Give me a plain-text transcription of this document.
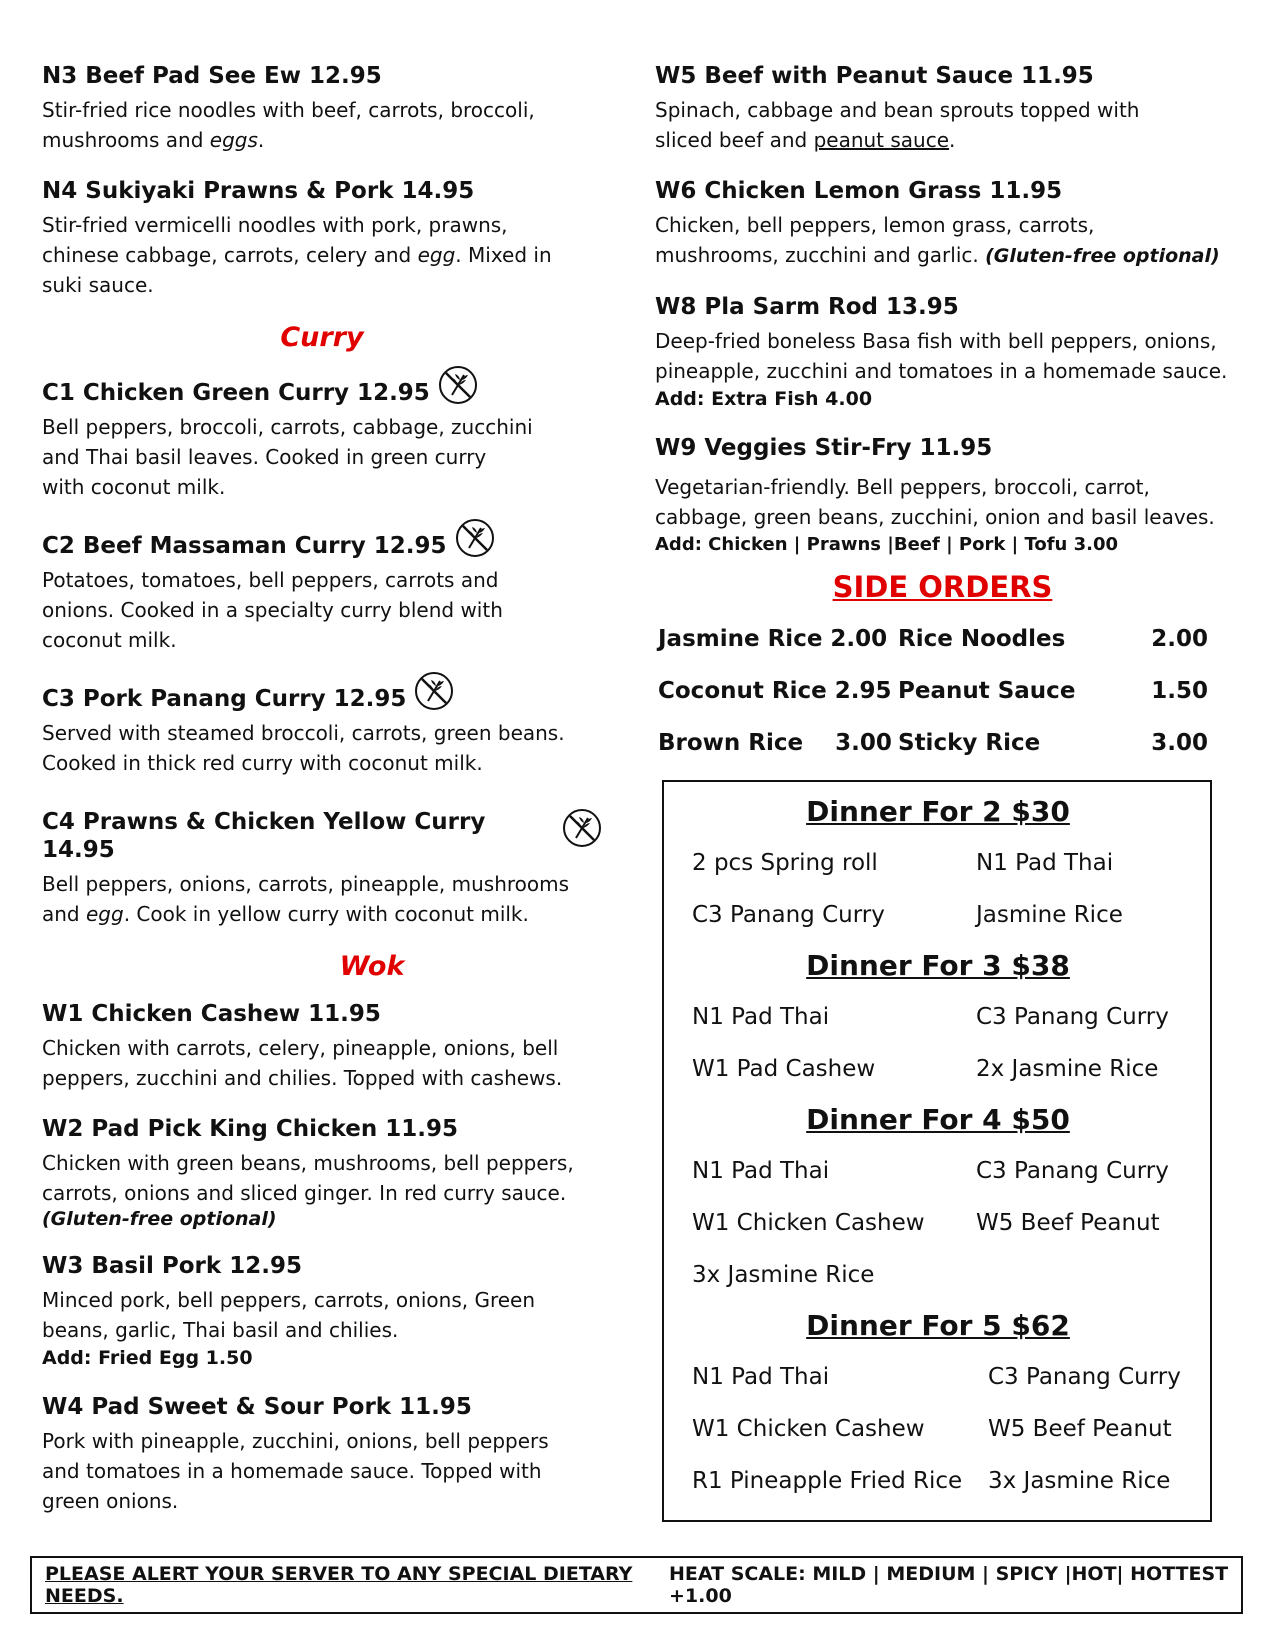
N3 Beef Pad See Ew 12.95
Stir-fried rice noodles with beef, carrots, broccoli,
mushrooms and eggs.
N4 Sukiyaki Prawns & Pork 14.95
Stir-fried vermicelli noodles with pork, prawns,
chinese cabbage, carrots, celery and egg. Mixed in
suki sauce.
Curry
C1 Chicken Green Curry 12.95
Bell peppers, broccoli, carrots, cabbage, zucchini
and Thai basil leaves. Cooked in green curry
with coconut milk.
C2 Beef Massaman Curry 12.95
Potatoes, tomatoes, bell peppers, carrots and
onions. Cooked in a specialty curry blend with
coconut milk.
C3 Pork Panang Curry 12.95
Served with steamed broccoli, carrots, green beans.
Cooked in thick red curry with coconut milk.
C4 Prawns & Chicken Yellow Curry 14.95
Bell peppers, onions, carrots, pineapple, mushrooms
and egg. Cook in yellow curry with coconut milk.
Wok
W1 Chicken Cashew 11.95
Chicken with carrots, celery, pineapple, onions, bell
peppers, zucchini and chilies. Topped with cashews.
W2 Pad Pick King Chicken 11.95
Chicken with green beans, mushrooms, bell peppers,
carrots, onions and sliced ginger. In red curry sauce.
(Gluten-free optional)
W3 Basil Pork 12.95
Minced pork, bell peppers, carrots, onions, Green
beans, garlic, Thai basil and chilies.
Add: Fried Egg 1.50
W4 Pad Sweet & Sour Pork 11.95
Pork with pineapple, zucchini, onions, bell peppers
and tomatoes in a homemade sauce. Topped with
green onions.
W5 Beef with Peanut Sauce 11.95
Spinach, cabbage and bean sprouts topped with
sliced beef and peanut sauce.
W6 Chicken Lemon Grass 11.95
Chicken, bell peppers, lemon grass, carrots,
mushrooms, zucchini and garlic. (Gluten-free optional)
W8 Pla Sarm Rod 13.95
Deep-fried boneless Basa fish with bell peppers, onions,
pineapple, zucchini and tomatoes in a homemade sauce.
Add: Extra Fish 4.00
W9 Veggies Stir-Fry 11.95
Vegetarian-friendly. Bell peppers, broccoli, carrot,
cabbage, green beans, zucchini, onion and basil leaves.
Add: Chicken | Prawns |Beef | Pork | Tofu 3.00
SIDE ORDERS
Jasmine Rice 2.00 Rice Noodles	2.00
Coconut Rice 2.95 Peanut Sauce	1.50
Brown Rice    3.00 Sticky Rice	3.00
Dinner For 2 $30
2 pcs Spring roll	N1 Pad Thai
C3 Panang Curry	Jasmine Rice
Dinner For 3 $38
N1 Pad Thai	C3 Panang Curry
W1 Pad Cashew	2x Jasmine Rice
Dinner For 4 $50
N1 Pad Thai	C3 Panang Curry
W1 Chicken Cashew	W5 Beef Peanut
3x Jasmine Rice
Dinner For 5 $62
N1 Pad Thai	C3 Panang Curry
W1 Chicken Cashew	W5 Beef Peanut
R1 Pineapple Fried Rice	3x Jasmine Rice
PLEASE ALERT YOUR SERVER TO ANY SPECIAL DIETARY NEEDS.
HEAT SCALE: MILD | MEDIUM | SPICY |HOT| HOTTEST +1.00
